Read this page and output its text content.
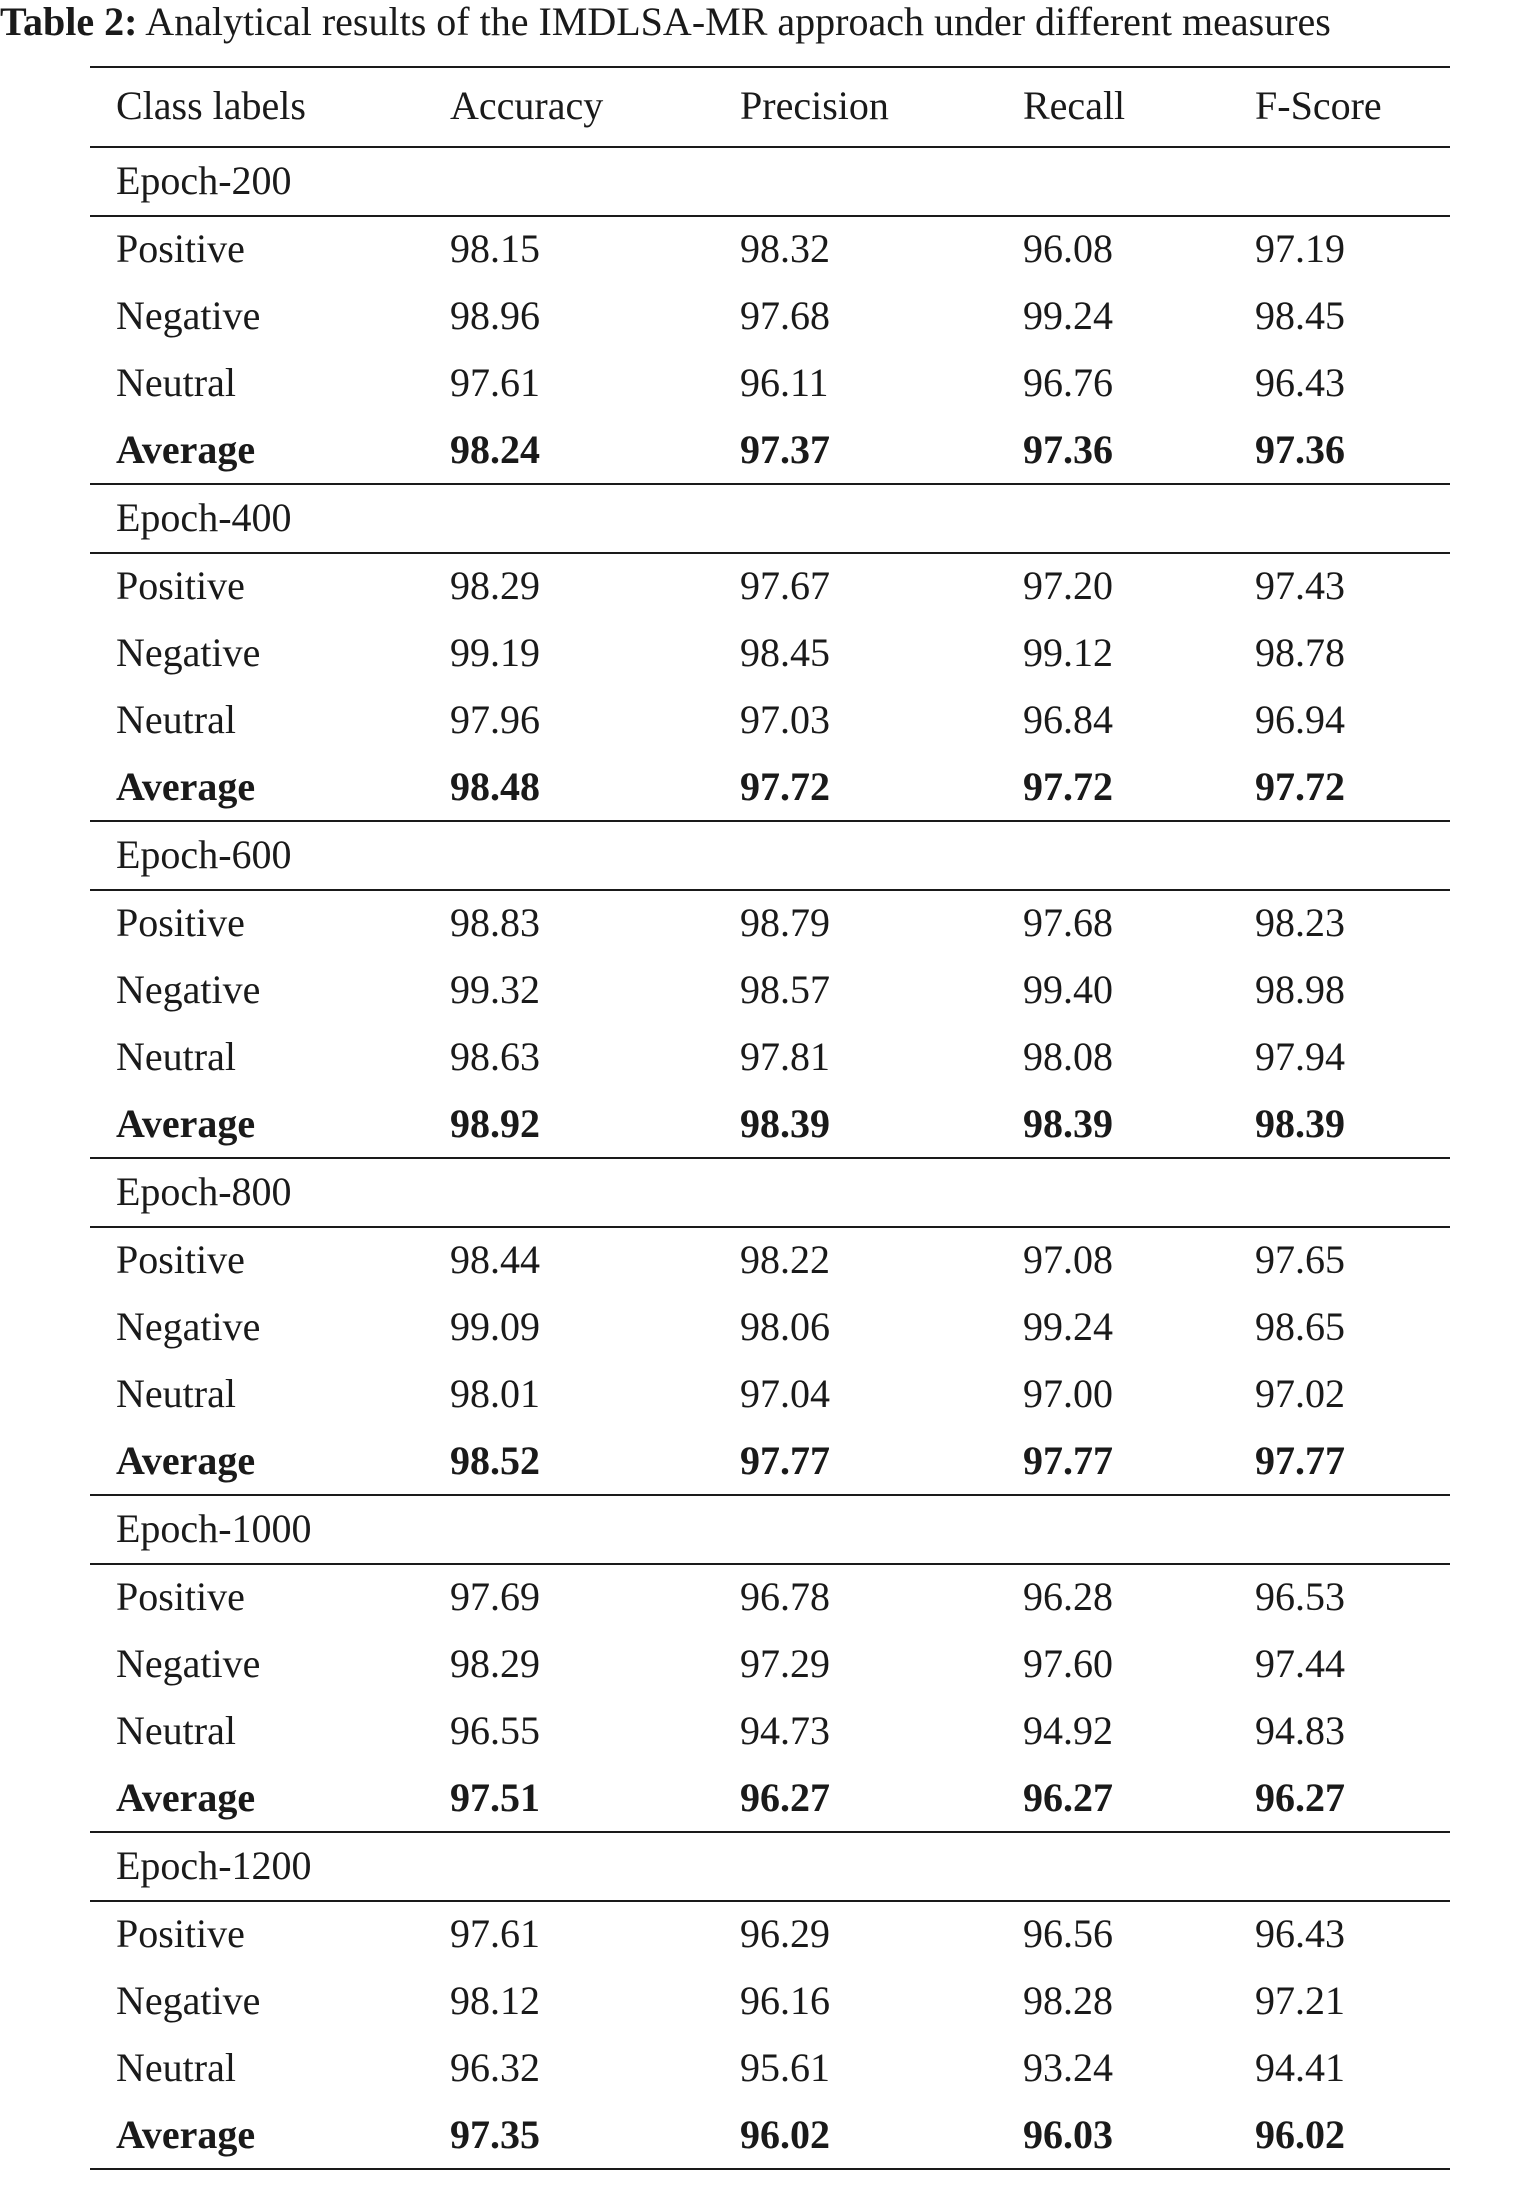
Table 2: Analytical results of the IMDLSA-MR approach under different measures
Class labels	Accuracy	Precision	Recall	F-Score
Epoch-200
Positive	98.15	98.32	96.08	97.19
Negative	98.96	97.68	99.24	98.45
Neutral	97.61	96.11	96.76	96.43
Average	98.24	97.37	97.36	97.36
Epoch-400
Positive	98.29	97.67	97.20	97.43
Negative	99.19	98.45	99.12	98.78
Neutral	97.96	97.03	96.84	96.94
Average	98.48	97.72	97.72	97.72
Epoch-600
Positive	98.83	98.79	97.68	98.23
Negative	99.32	98.57	99.40	98.98
Neutral	98.63	97.81	98.08	97.94
Average	98.92	98.39	98.39	98.39
Epoch-800
Positive	98.44	98.22	97.08	97.65
Negative	99.09	98.06	99.24	98.65
Neutral	98.01	97.04	97.00	97.02
Average	98.52	97.77	97.77	97.77
Epoch-1000
Positive	97.69	96.78	96.28	96.53
Negative	98.29	97.29	97.60	97.44
Neutral	96.55	94.73	94.92	94.83
Average	97.51	96.27	96.27	96.27
Epoch-1200
Positive	97.61	96.29	96.56	96.43
Negative	98.12	96.16	98.28	97.21
Neutral	96.32	95.61	93.24	94.41
Average	97.35	96.02	96.03	96.02
